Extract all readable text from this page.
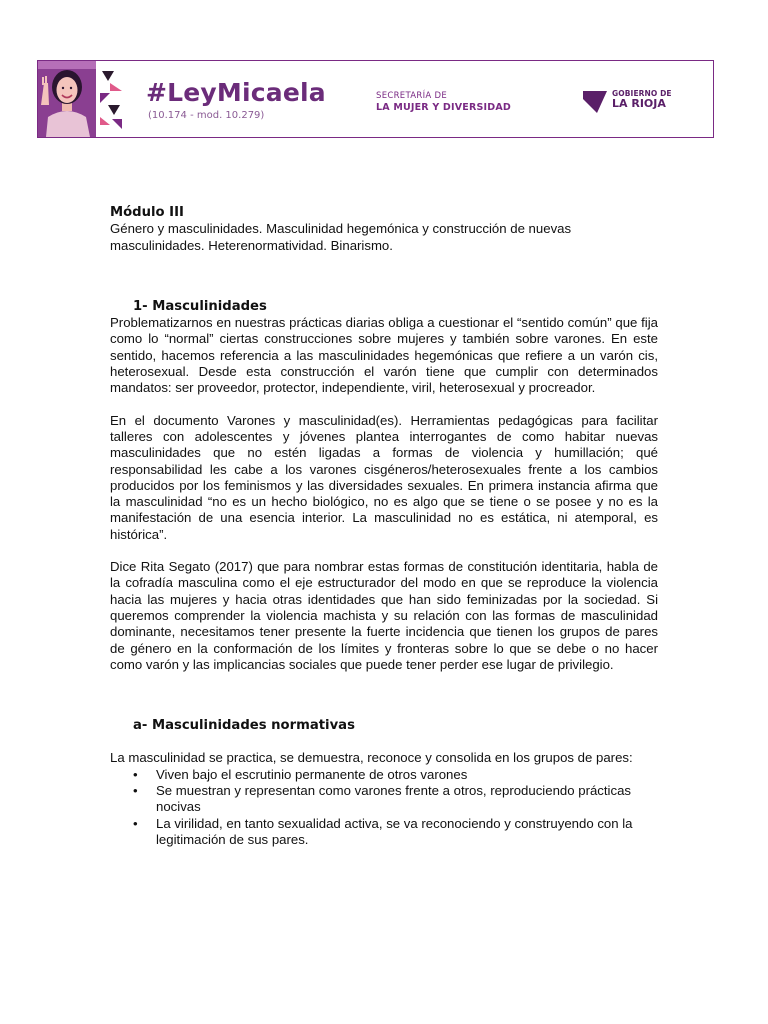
#LeyMicaela
(10.174 - mod. 10.279)
SECRETARÍA DE
LA MUJER Y DIVERSIDAD
GOBIERNO DE
LA RIOJA

Módulo III

Género y masculinidades. Masculinidad hegemónica y construcción de nuevas masculinidades. Heterenormatividad. Binarismo.

1- Masculinidades

Problematizarnos en nuestras prácticas diarias obliga a cuestionar el “sentido común” que fija como lo “normal” ciertas construcciones sobre mujeres y también sobre varones. En este sentido, hacemos referencia a las masculinidades hegemónicas que refiere a un varón cis, heterosexual. Desde esta construcción el varón tiene que cumplir con determinados mandatos: ser proveedor, protector, independiente, viril, heterosexual y procreador.

En el documento Varones y masculinidad(es). Herramientas pedagógicas para facilitar talleres con adolescentes y jóvenes plantea interrogantes de como habitar nuevas masculinidades que no estén ligadas a formas de violencia y humillación; qué responsabilidad les cabe a los varones cisgéneros/heterosexuales frente a los cambios producidos por los feminismos y las diversidades sexuales. En primera instancia afirma que la masculinidad “no es un hecho biológico, no es algo que se tiene o se posee y no es la manifestación de una esencia interior. La masculinidad no es estática, ni atemporal, es histórica”.

Dice Rita Segato (2017) que para nombrar estas formas de constitución identitaria, habla de la cofradía masculina como el eje estructurador del modo en que se reproduce la violencia hacia las mujeres y hacia otras identidades que han sido feminizadas por la sociedad. Si queremos comprender la violencia machista y su relación con las formas de masculinidad dominante, necesitamos tener presente la fuerte incidencia que tienen los grupos de pares de género en la conformación de los límites y fronteras sobre lo que se debe o no hacer como varón y las implicancias sociales que puede tener perder ese lugar de privilegio.

a- Masculinidades normativas

La masculinidad se practica, se demuestra, reconoce y consolida en los grupos de pares:

• Viven bajo el escrutinio permanente de otros varones
• Se muestran y representan como varones frente a otros, reproduciendo prácticas nocivas
• La virilidad, en tanto sexualidad activa, se va reconociendo y construyendo con la legitimación de sus pares.
